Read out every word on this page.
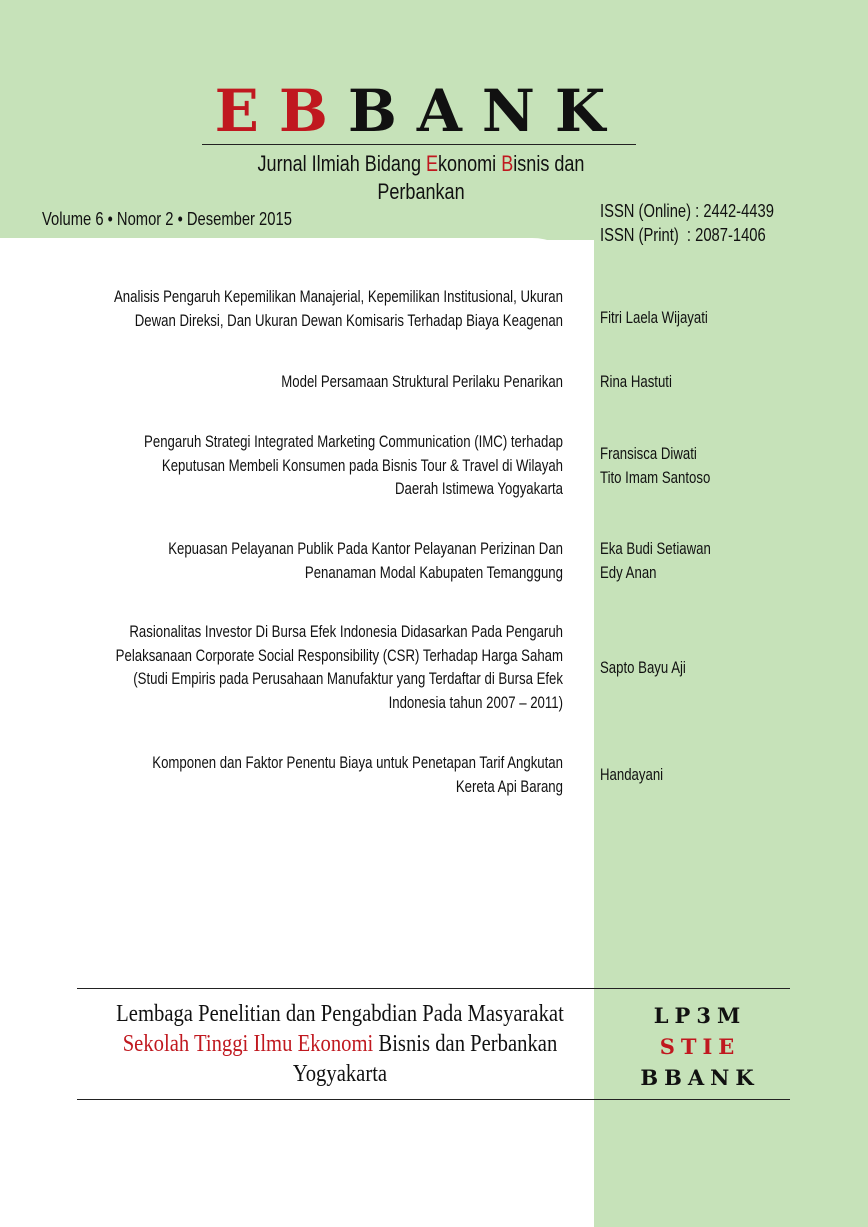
EBBANK
Jurnal Ilmiah Bidang Ekonomi Bisnis dan Perbankan
Volume 6 • Nomor 2 • Desember 2015	ISSN (Online) : 2442-4439
ISSN (Print)  : 2087-1406
Analisis Pengaruh Kepemilikan Manajerial, Kepemilikan Institusional, Ukuran
Dewan Direksi, Dan Ukuran Dewan Komisaris Terhadap Biaya Keagenan Fitri Laela Wijayati
Model Persamaan Struktural Perilaku Penarikan Rina Hastuti
Pengaruh Strategi Integrated Marketing Communication (IMC) terhadap
Keputusan Membeli Konsumen pada Bisnis Tour & Travel di Wilayah
Daerah Istimewa Yogyakarta
Fransisca Diwati
Tito Imam Santoso
Kepuasan Pelayanan Publik Pada Kantor Pelayanan Perizinan Dan
Penanaman Modal Kabupaten Temanggung
Eka Budi Setiawan
Edy Anan
Rasionalitas Investor Di Bursa Efek Indonesia Didasarkan Pada Pengaruh
Pelaksanaan Corporate Social Responsibility (CSR) Terhadap Harga Saham
(Studi Empiris pada Perusahaan Manufaktur yang Terdaftar di Bursa Efek
Indonesia tahun 2007 – 2011)
Sapto Bayu Aji
Komponen dan Faktor Penentu Biaya untuk Penetapan Tarif Angkutan
Kereta Api Barang
Handayani
Lembaga Penelitian dan Pengabdian Pada Masyarakat
Sekolah Tinggi Ilmu Ekonomi Bisnis dan Perbankan
Yogyakarta
LP3M
STIE
BBANK
